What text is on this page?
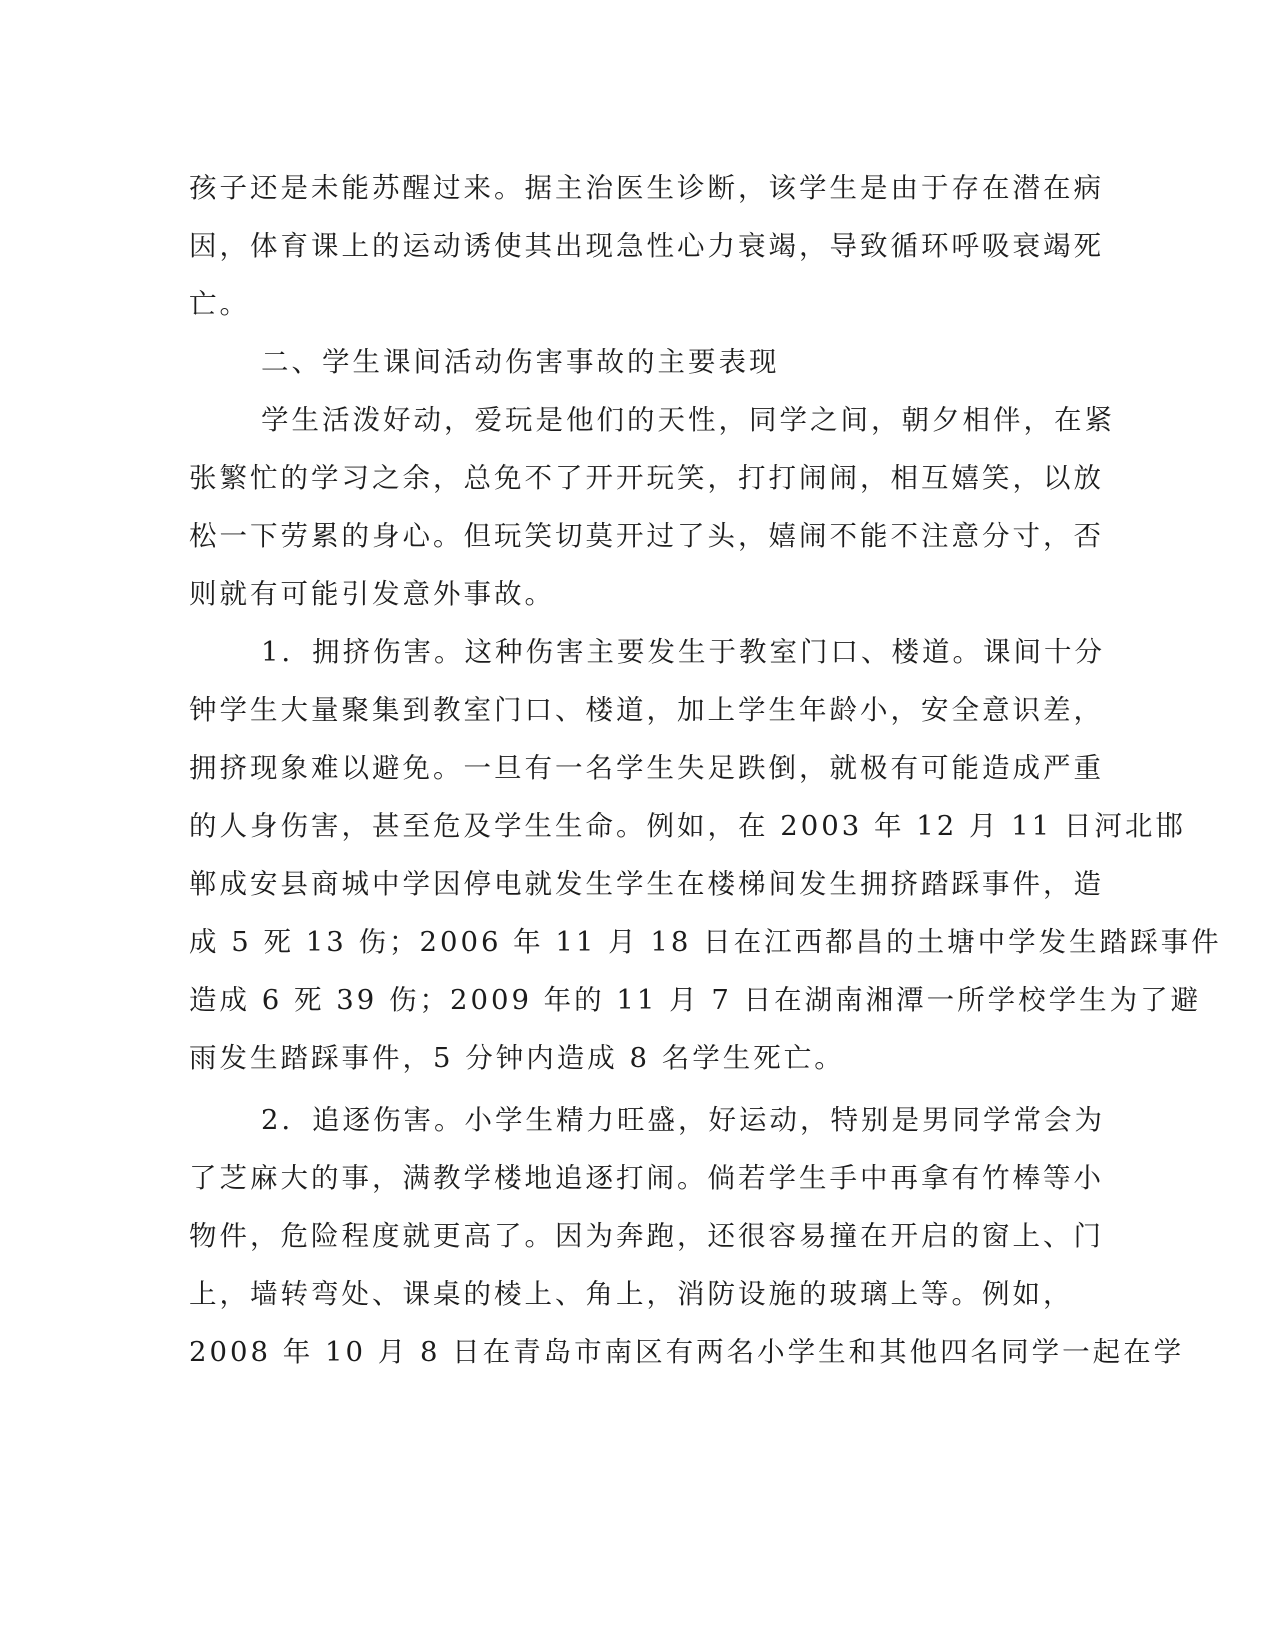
孩子还是未能苏醒过来。据主治医生诊断，该学生是由于存在潜在病
因，体育课上的运动诱使其出现急性心力衰竭，导致循环呼吸衰竭死
亡。
二、学生课间活动伤害事故的主要表现
学生活泼好动，爱玩是他们的天性，同学之间，朝夕相伴，在紧
张繁忙的学习之余，总免不了开开玩笑，打打闹闹，相互嬉笑，以放
松一下劳累的身心。但玩笑切莫开过了头，嬉闹不能不注意分寸，否
则就有可能引发意外事故。
1．拥挤伤害。这种伤害主要发生于教室门口、楼道。课间十分
钟学生大量聚集到教室门口、楼道，加上学生年龄小，安全意识差，
拥挤现象难以避免。一旦有一名学生失足跌倒，就极有可能造成严重
的人身伤害，甚至危及学生生命。例如，在 2003 年 12 月 11 日河北邯
郸成安县商城中学因停电就发生学生在楼梯间发生拥挤踏踩事件，造
成 5 死 13 伤；2006 年 11 月 18 日在江西都昌的土塘中学发生踏踩事件
造成 6 死 39 伤；2009 年的 11 月 7 日在湖南湘潭一所学校学生为了避
雨发生踏踩事件，5 分钟内造成 8 名学生死亡。
2．追逐伤害。小学生精力旺盛，好运动，特别是男同学常会为
了芝麻大的事，满教学楼地追逐打闹。倘若学生手中再拿有竹棒等小
物件，危险程度就更高了。因为奔跑，还很容易撞在开启的窗上、门
上，墙转弯处、课桌的棱上、角上，消防设施的玻璃上等。例如，
2008 年 10 月 8 日在青岛市南区有两名小学生和其他四名同学一起在学
